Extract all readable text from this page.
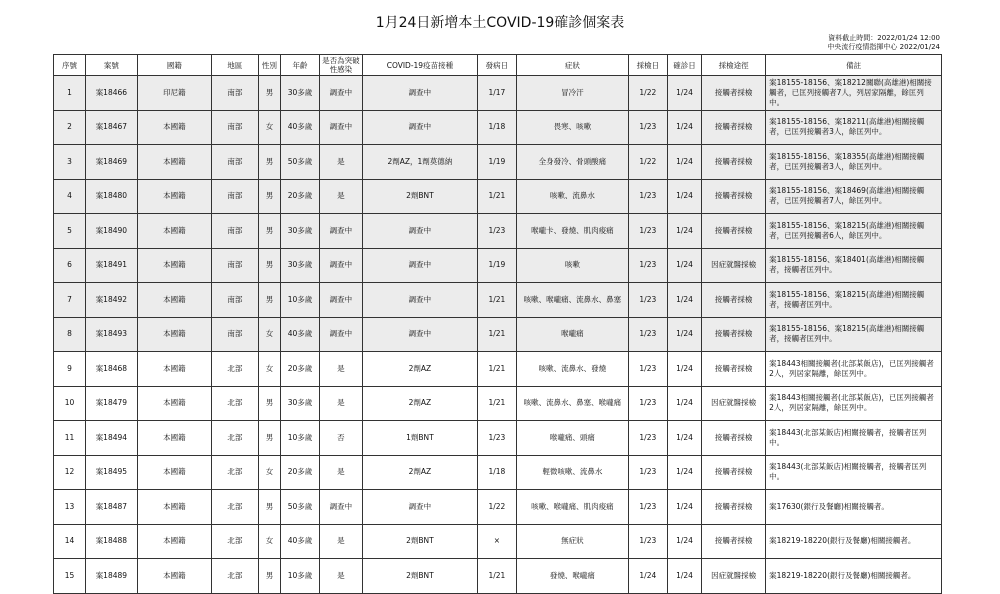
1月24日新增本土COVID-19確診個案表
資料截止時間：2022/01/24 12:00
中央流行疫情指揮中心 2022/01/24
序號	案號	國籍	地區	性別	年齡	是否為突破性感染	COVID-19疫苗接種	發病日	症狀	採檢日	確診日	採檢途徑	備註
1	案18466	印尼籍	南部	男	30多歲	調查中	調查中	1/17	冒冷汗	1/22	1/24	接觸者採檢	案18155-18156、案18212關聯(高雄港)相關接觸者，已匡列接觸者7人，列居家隔離，餘匡列中。
2	案18467	本國籍	南部	女	40多歲	調查中	調查中	1/18	畏寒、咳嗽	1/23	1/24	接觸者採檢	案18155-18156、案18211(高雄港)相關接觸者，已匡列接觸者3人，餘匡列中。
3	案18469	本國籍	南部	男	50多歲	是	2劑AZ，1劑莫德納	1/19	全身發冷、骨頭酸痛	1/22	1/24	接觸者採檢	案18155-18156、案18355(高雄港)相關接觸者，已匡列接觸者3人，餘匡列中。
4	案18480	本國籍	南部	男	20多歲	是	2劑BNT	1/21	咳嗽、流鼻水	1/23	1/24	接觸者採檢	案18155-18156、案18469(高雄港)相關接觸者，已匡列接觸者7人，餘匡列中。
5	案18490	本國籍	南部	男	30多歲	調查中	調查中	1/23	喉嚨卡、發燒、肌肉痠痛	1/23	1/24	接觸者採檢	案18155-18156、案18215(高雄港)相關接觸者，已匡列接觸者6人，餘匡列中。
6	案18491	本國籍	南部	男	30多歲	調查中	調查中	1/19	咳嗽	1/23	1/24	因症就醫採檢	案18155-18156、案18401(高雄港)相關接觸者，接觸者匡列中。
7	案18492	本國籍	南部	男	10多歲	調查中	調查中	1/21	咳嗽、喉嚨痛、流鼻水、鼻塞	1/23	1/24	接觸者採檢	案18155-18156、案18215(高雄港)相關接觸者，接觸者匡列中。
8	案18493	本國籍	南部	女	40多歲	調查中	調查中	1/21	喉嚨痛	1/23	1/24	接觸者採檢	案18155-18156、案18215(高雄港)相關接觸者，接觸者匡列中。
9	案18468	本國籍	北部	女	20多歲	是	2劑AZ	1/21	咳嗽、流鼻水、發燒	1/23	1/24	接觸者採檢	案18443相關接觸者(北部某飯店)，已匡列接觸者2人，列居家隔離，餘匡列中。
10	案18479	本國籍	北部	男	30多歲	是	2劑AZ	1/21	咳嗽、流鼻水、鼻塞、喉嚨痛	1/23	1/24	因症就醫採檢	案18443相關接觸者(北部某飯店)，已匡列接觸者2人，列居家隔離，餘匡列中。
11	案18494	本國籍	北部	男	10多歲	否	1劑BNT	1/23	喉嚨痛、頭痛	1/23	1/24	接觸者採檢	案18443(北部某飯店)相關接觸者，接觸者匡列中。
12	案18495	本國籍	北部	女	20多歲	是	2劑AZ	1/18	輕微咳嗽、流鼻水	1/23	1/24	接觸者採檢	案18443(北部某飯店)相關接觸者，接觸者匡列中。
13	案18487	本國籍	北部	男	50多歲	調查中	調查中	1/22	咳嗽、喉嚨痛、肌肉痠痛	1/23	1/24	接觸者採檢	案17630(銀行及餐廳)相關接觸者。
14	案18488	本國籍	北部	女	40多歲	是	2劑BNT	×	無症狀	1/23	1/24	接觸者採檢	案18219-18220(銀行及餐廳)相關接觸者。
15	案18489	本國籍	北部	男	10多歲	是	2劑BNT	1/21	發燒、喉嚨痛	1/24	1/24	因症就醫採檢	案18219-18220(銀行及餐廳)相關接觸者。
